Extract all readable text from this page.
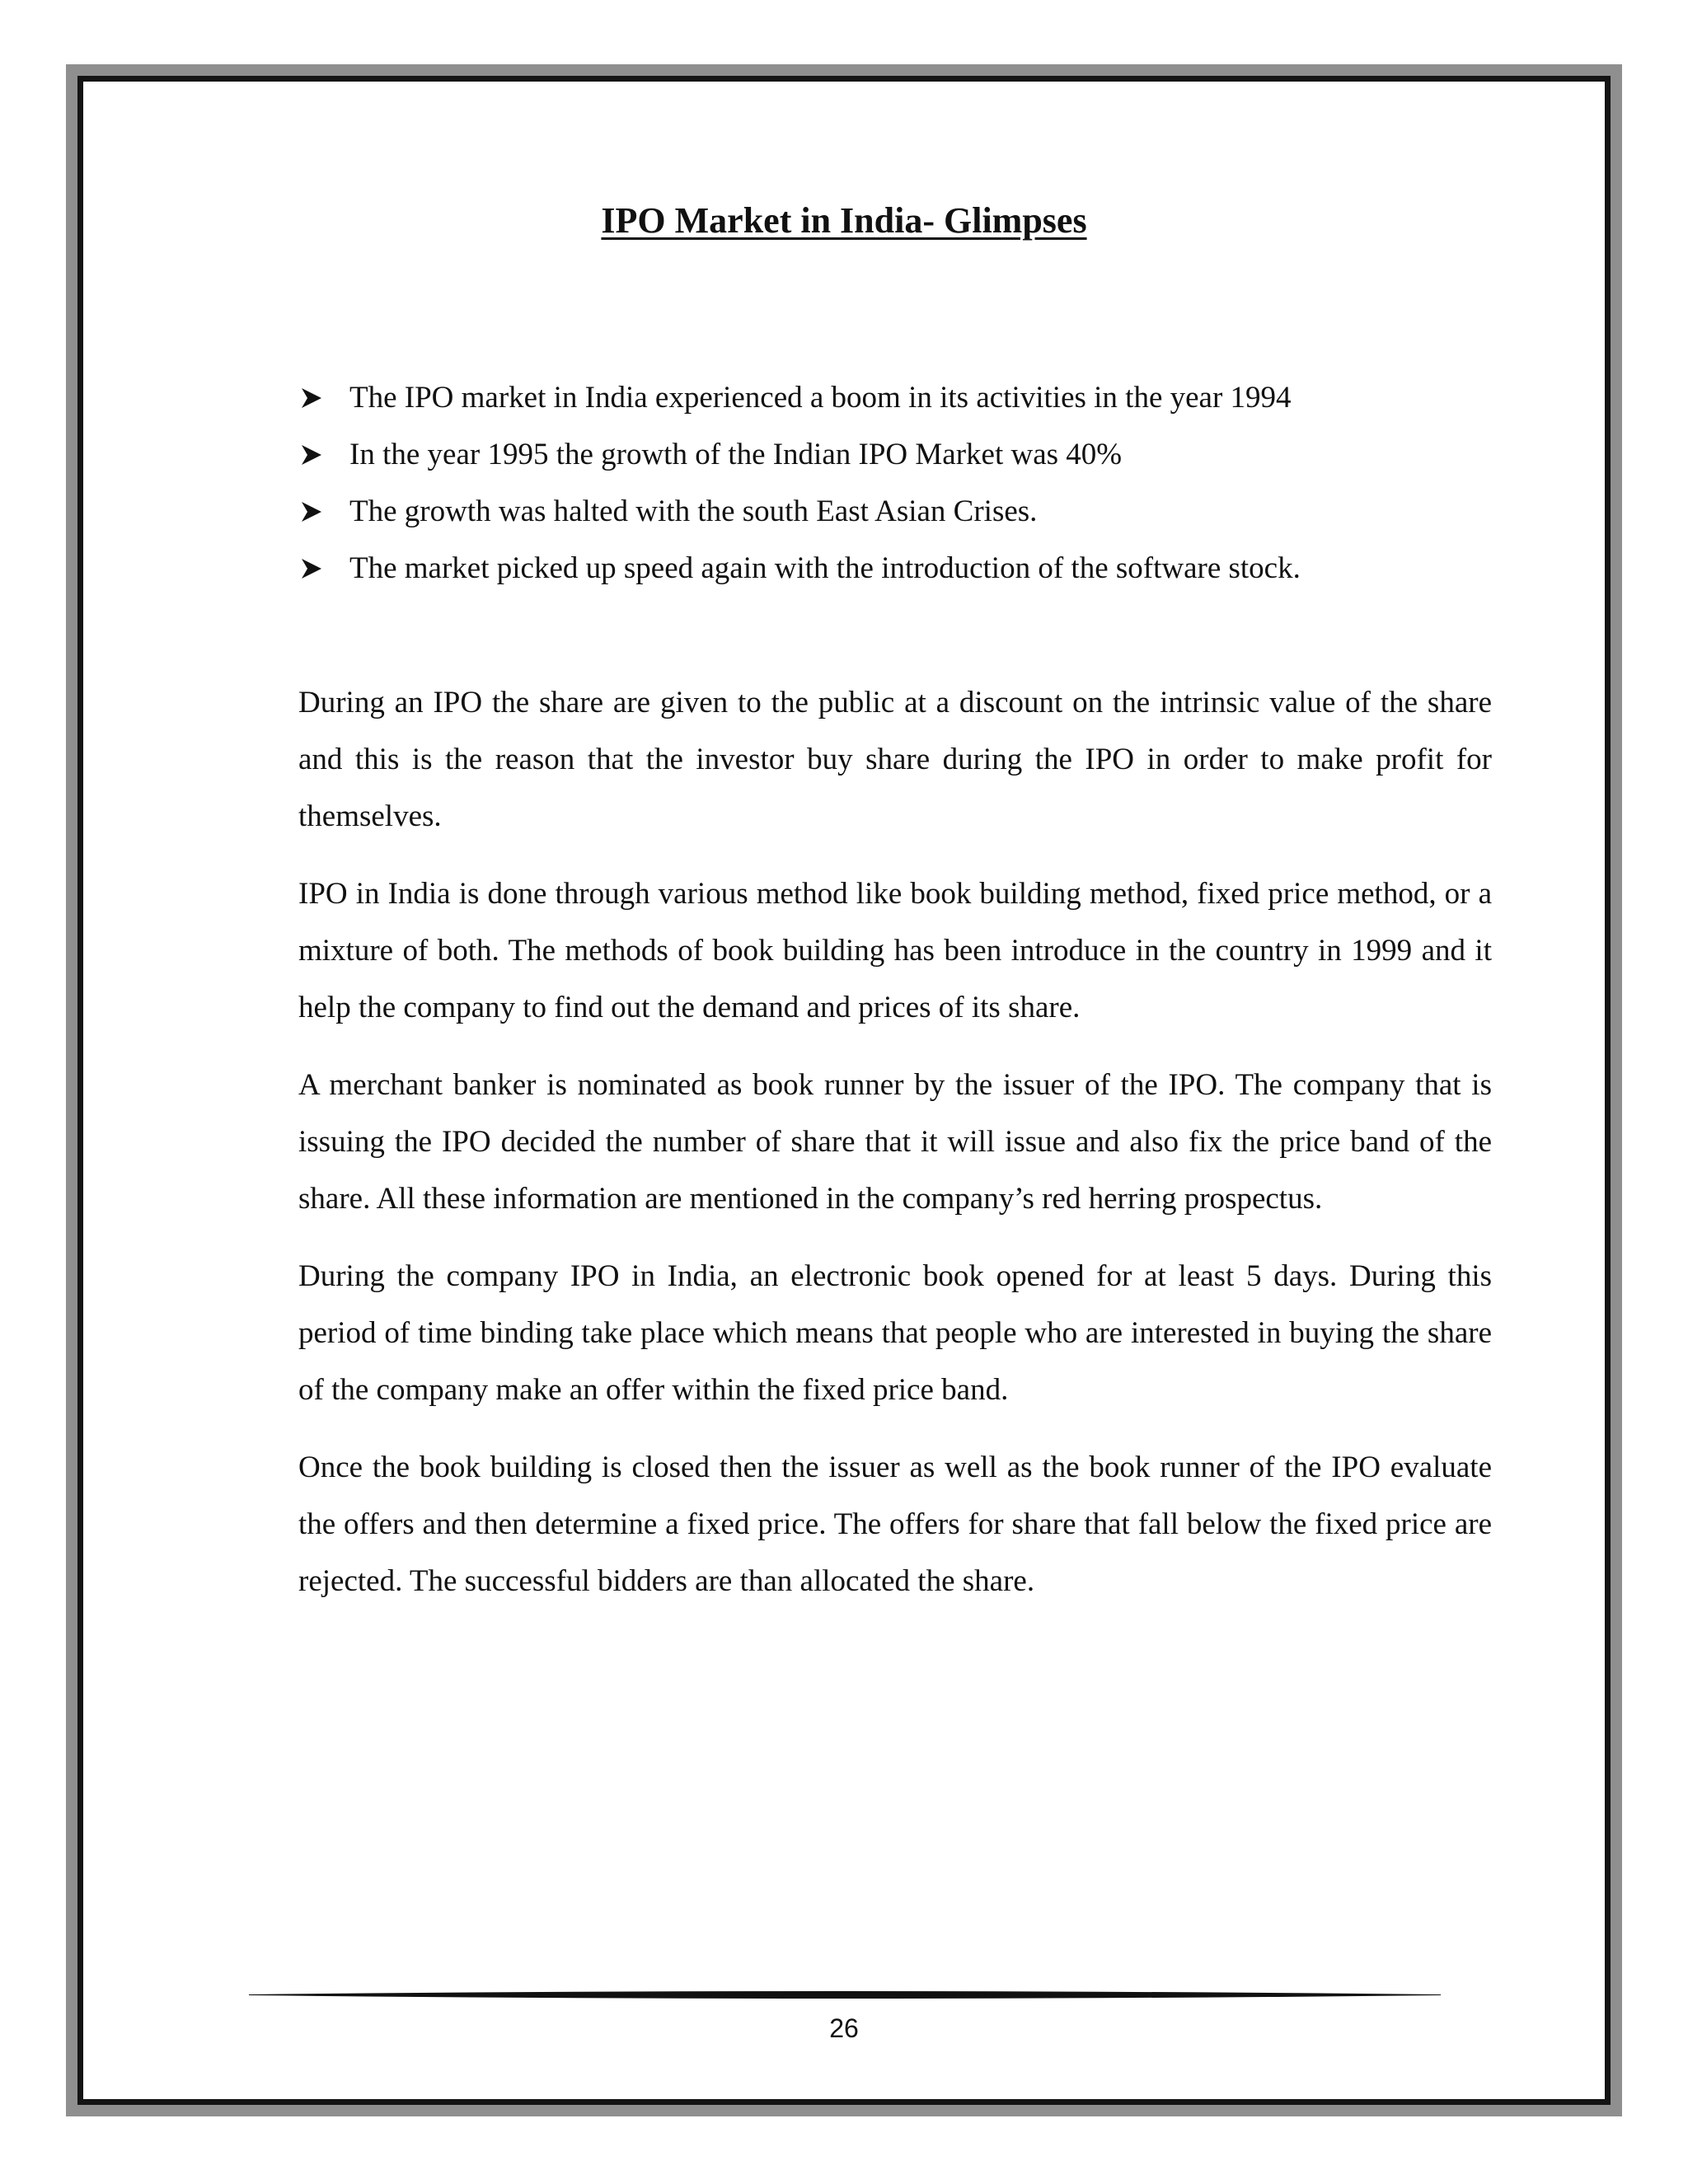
IPO Market in India- Glimpses
The IPO market in India experienced a boom in its activities in the year 1994
In the year 1995 the growth of the Indian IPO Market was 40%
The growth was halted with the south East Asian Crises.
The market picked up speed again with the introduction of the software stock.

During an IPO the share are given to the public at a discount on the intrinsic value of the share and this is the reason that the investor buy share during the IPO in order to make profit for themselves.

IPO in India is done through various method like book building method, fixed price method, or a mixture of both. The methods of book building has been introduce in the country in 1999 and it help the company to find out the demand and prices of its share.

A merchant banker is nominated as book runner by the issuer of the IPO. The company that is issuing the IPO decided the number of share that it will issue and also fix the price band of the share. All these information are mentioned in the company’s red herring prospectus.

During the company IPO in India, an electronic book opened for at least 5 days. During this period of time binding take place which means that people who are interested in buying the share of the company make an offer within the fixed price band.

Once the book building is closed then the issuer as well as the book runner of the IPO evaluate the offers and then determine a fixed price. The offers for share that fall below the fixed price are rejected. The successful bidders are than allocated the share.

26
